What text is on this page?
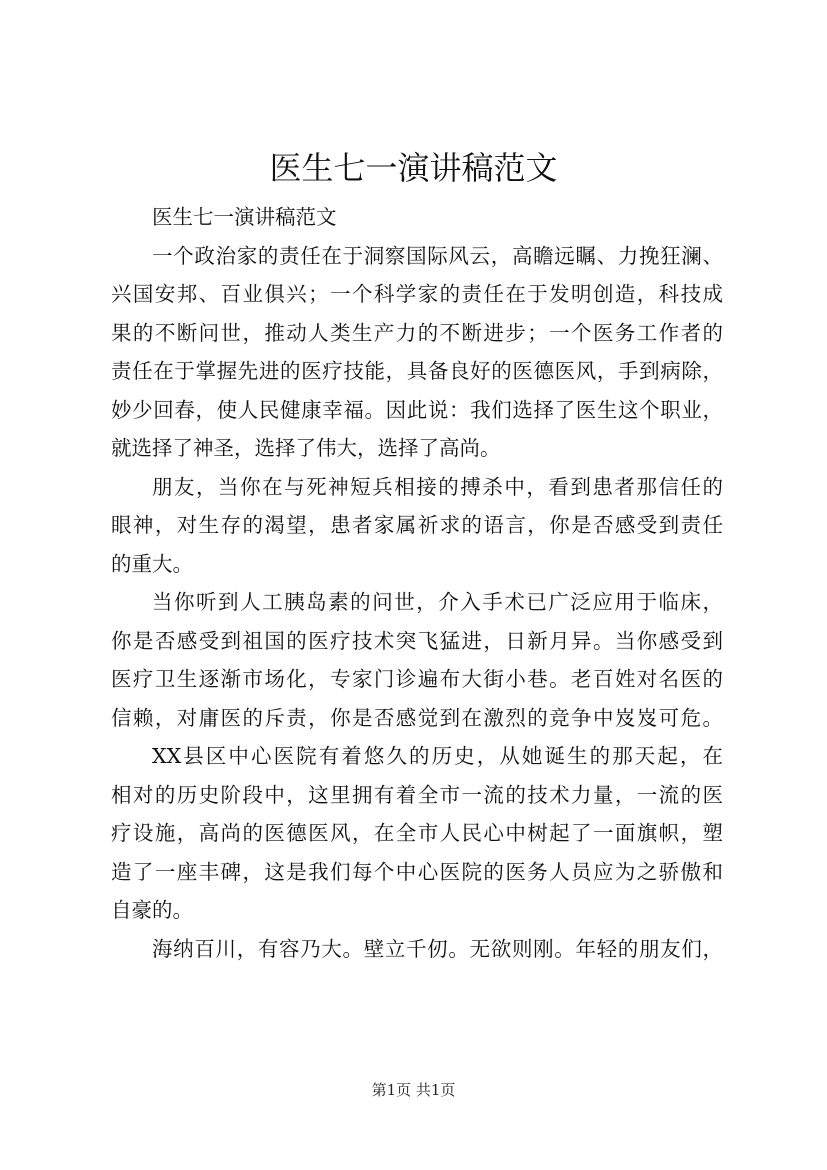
医生七一演讲稿范文
医生七一演讲稿范文
一个政治家的责任在于洞察国际风云，高瞻远瞩、力挽狂澜、
兴国安邦、百业俱兴；一个科学家的责任在于发明创造，科技成
果的不断问世，推动人类生产力的不断进步；一个医务工作者的
责任在于掌握先进的医疗技能，具备良好的医德医风，手到病除，
妙少回春，使人民健康幸福。因此说：我们选择了医生这个职业，
就选择了神圣，选择了伟大，选择了高尚。
朋友，当你在与死神短兵相接的搏杀中，看到患者那信任的
眼神，对生存的渴望，患者家属祈求的语言，你是否感受到责任
的重大。
当你听到人工胰岛素的问世，介入手术已广泛应用于临床，
你是否感受到祖国的医疗技术突飞猛进，日新月异。当你感受到
医疗卫生逐渐市场化，专家门诊遍布大街小巷。老百姓对名医的
信赖，对庸医的斥责，你是否感觉到在激烈的竞争中岌岌可危。
XX县区中心医院有着悠久的历史，从她诞生的那天起，在
相对的历史阶段中，这里拥有着全市一流的技术力量，一流的医
疗设施，高尚的医德医风，在全市人民心中树起了一面旗帜，塑
造了一座丰碑，这是我们每个中心医院的医务人员应为之骄傲和
自豪的。
海纳百川，有容乃大。壁立千仞。无欲则刚。年轻的朋友们，
第1页 共1页
